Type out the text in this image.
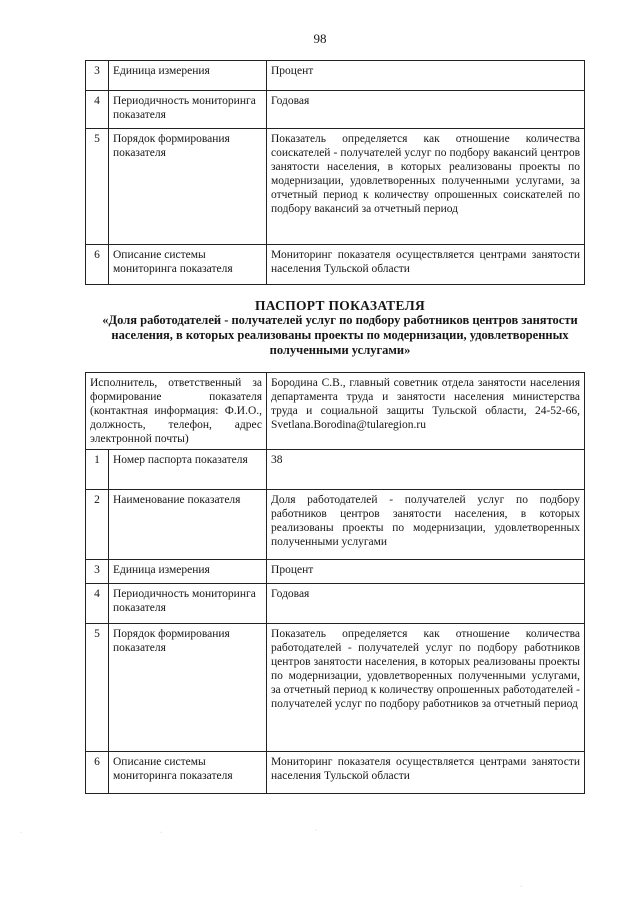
98
3	Единица измерения	Процент
4	Периодичность мониторинга показателя	Годовая
5	Порядок формирования показателя	Показатель определяется как отношение количества соискателей - получателей услуг по подбору вакансий центров занятости населения, в которых реализованы проекты по модернизации, удовлетворенных полученными услугами, за отчетный период к количеству опрошенных соискателей по подбору вакансий за отчетный период
6	Описание системы мониторинга показателя	Мониторинг показателя осуществляется центрами занятости населения Тульской области
ПАСПОРТ ПОКАЗАТЕЛЯ
«Доля работодателей - получателей услуг по подбору работников центров занятости населения, в которых реализованы проекты по модернизации, удовлетворенных полученными услугами»
Исполнитель, ответственный за формирование показателя (контактная информация: Ф.И.О., должность, телефон, адрес электронной почты)		Бородина С.В., главный советник отдела занятости населения департамента труда и занятости населения министерства труда и социальной защиты Тульской области, 24-52-66, Svetlana.Borodina@tularegion.ru
1	Номер паспорта показателя	38
2	Наименование показателя	Доля работодателей - получателей услуг по подбору работников центров занятости населения, в которых реализованы проекты по модернизации, удовлетворенных полученными услугами
3	Единица измерения	Процент
4	Периодичность мониторинга показателя	Годовая
5	Порядок формирования показателя	Показатель определяется как отношение количества работодателей - получателей услуг по подбору работников центров занятости населения, в которых реализованы проекты по модернизации, удовлетворенных полученными услугами, за отчетный период к количеству опрошенных работодателей - получателей услуг по подбору работников за отчетный период
6	Описание системы мониторинга показателя	Мониторинг показателя осуществляется центрами занятости населения Тульской области
·	·	·
·
